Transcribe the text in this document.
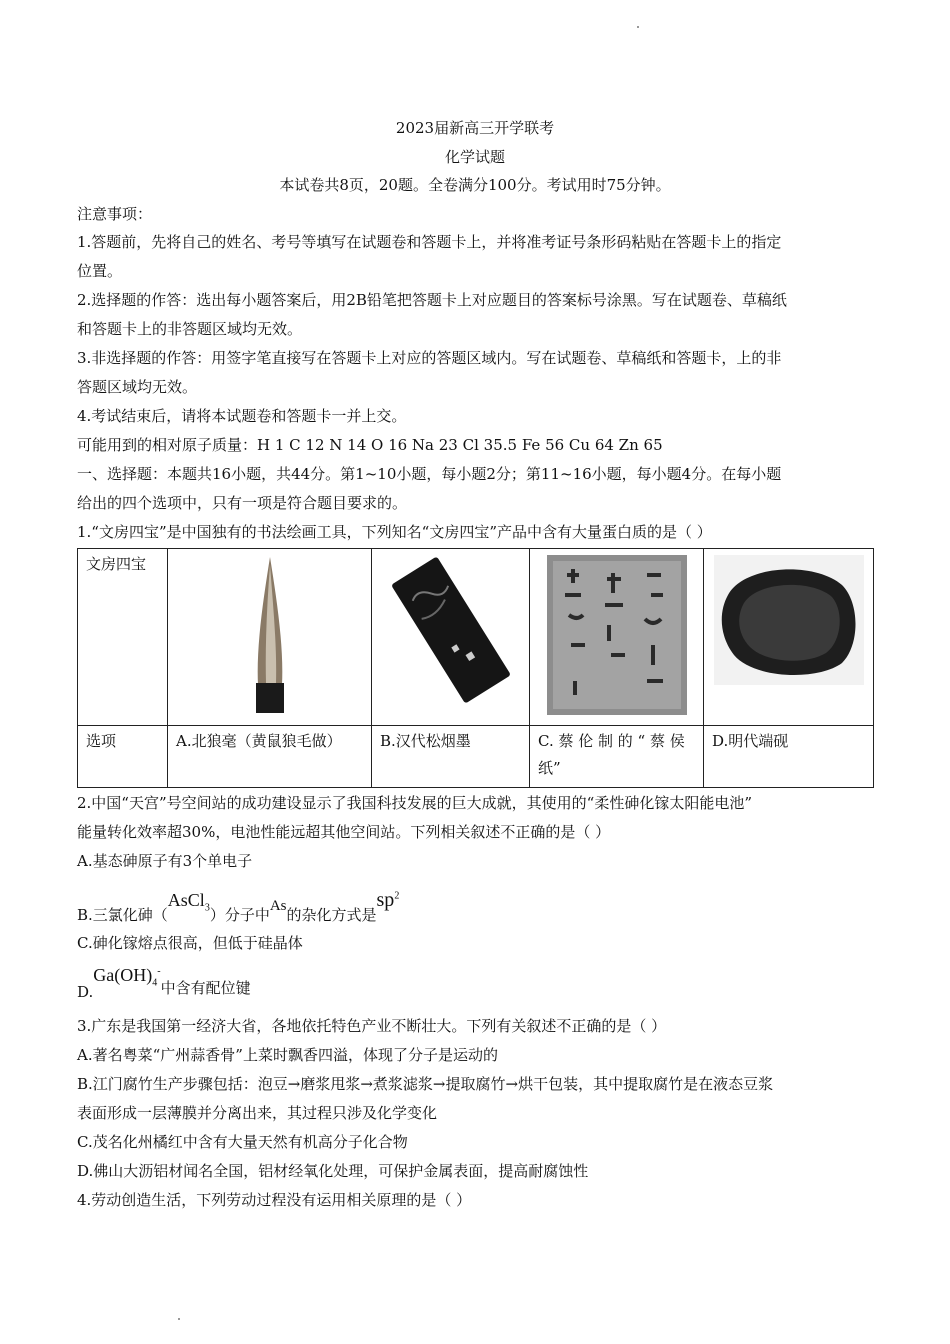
2023届新高三开学联考
化学试题
本试卷共8页，20题。全卷满分100分。考试用时75分钟。
注意事项：
1.答题前，先将自己的姓名、考号等填写在试题卷和答题卡上，并将准考证号条形码粘贴在答题卡上的指定
位置。
2.选择题的作答：选出每小题答案后，用2B铅笔把答题卡上对应题目的答案标号涂黑。写在试题卷、草稿纸
和答题卡上的非答题区域均无效。
3.非选择题的作答：用签字笔直接写在答题卡上对应的答题区域内。写在试题卷、草稿纸和答题卡，上的非
答题区域均无效。
4.考试结束后，请将本试题卷和答题卡一并上交。
可能用到的相对原子质量：H 1 C 12 N 14 O 16 Na 23 Cl 35.5 Fe 56 Cu 64 Zn 65
一、选择题：本题共16小题，共44分。第1~10小题，每小题2分；第11~16小题，每小题4分。在每小题
给出的四个选项中，只有一项是符合题目要求的。
1.“文房四宝”是中国独有的书法绘画工具，下列知名“文房四宝”产品中含有大量蛋白质的是（ ）
文房四宝	

选项	A.北狼毫（黄鼠狼毛做）	B.汉代松烟墨	C. 蔡 伦 制 的 “ 蔡 侯
纸”	D.明代端砚
2.中国“天宫”号空间站的成功建设显示了我国科技发展的巨大成就，其使用的“柔性砷化镓太阳能电池”
能量转化效率超30%，电池性能远超其他空间站。下列相关叙述不正确的是（ ）
A.基态砷原子有3个单电子
B.三氯化砷（AsCl$_3$）分子中As的杂化方式是$sp^2$
C.砷化镓熔点很高，但低于硅晶体
$D.Ga(OH)_4^-$中含有配位键
3.广东是我国第一经济大省，各地依托特色产业不断壮大。下列有关叙述不正确的是（ ）
A.著名粤菜“广州蒜香骨”上菜时飘香四溢，体现了分子是运动的
B.江门腐竹生产步骤包括：泡豆→磨浆甩浆→煮浆滤浆→提取腐竹→烘干包装，其中提取腐竹是在液态豆浆
表面形成一层薄膜并分离出来，其过程只涉及化学变化
C.茂名化州橘红中含有大量天然有机高分子化合物
D.佛山大沥铝材闻名全国，铝材经氧化处理，可保护金属表面，提高耐腐蚀性
4.劳动创造生活，下列劳动过程没有运用相关原理的是（ ）
